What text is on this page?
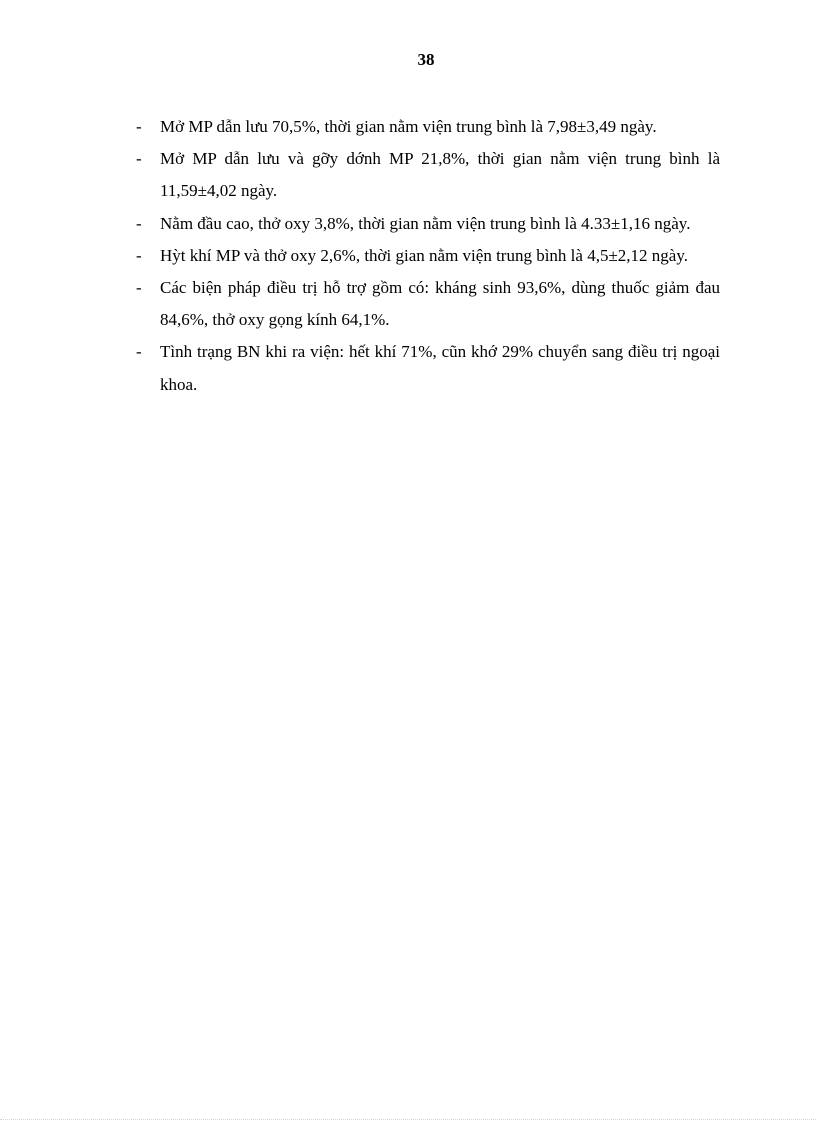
38
- Mở MP dẫn lưu 70,5%, thời gian nằm viện trung bình là 7,98±3,49 ngày.
- Mở MP dẫn lưu và gỡy dớnh MP 21,8%, thời gian nằm viện trung bình là 11,59±4,02 ngày.
- Nằm đầu cao, thở oxy 3,8%, thời gian nằm viện trung bình là 4.33±1,16 ngày.
- Hỳt khí MP và thở oxy 2,6%, thời gian nằm viện trung bình là 4,5±2,12 ngày.
- Các biện pháp điều trị hỗ trợ gồm có: kháng sinh 93,6%, dùng thuốc giảm đau 84,6%, thở oxy gọng kính 64,1%.
- Tình trạng BN khi ra viện: hết khí 71%, cũn khớ 29% chuyển sang điều trị ngoại khoa.
